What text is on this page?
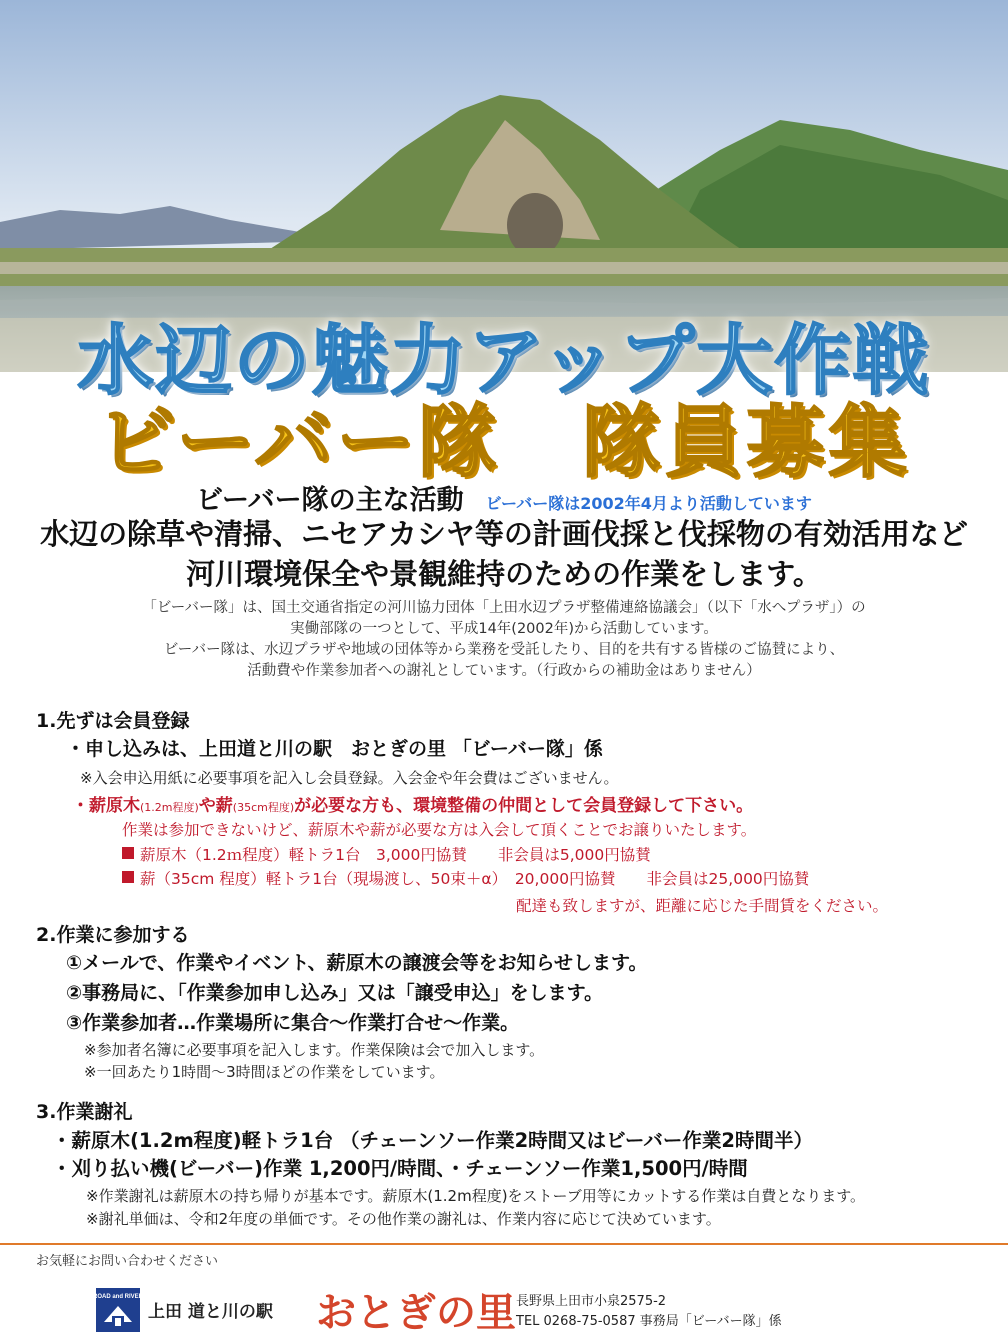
水辺の魅力アップ大作戦
ビーバー隊　隊員募集
ビーバー隊の主な活動 ビーバー隊は2002年4月より活動しています
水辺の除草や清掃、ニセアカシヤ等の計画伐採と伐採物の有効活用など
河川環境保全や景観維持のための作業をします。
「ビーバー隊」は、国土交通省指定の河川協力団体「上田水辺プラザ整備連絡協議会」（以下「水へプラザ」）の
実働部隊の一つとして、平成14年(2002年)から活動しています。
ビーバー隊は、水辺プラザや地域の団体等から業務を受託したり、目的を共有する皆様のご協賛により、
活動費や作業参加者への謝礼としています。（行政からの補助金はありません）
1.先ずは会員登録
・申し込みは、上田道と川の駅　おとぎの里 「ビーバー隊」係
※入会申込用紙に必要事項を記入し会員登録。入会金や年会費はございません。
・薪原木(1.2m程度)や薪(35cm程度)が必要な方も、環境整備の仲間として会員登録して下さい。
作業は参加できないけど、薪原木や薪が必要な方は入会して頂くことでお譲りいたします。
薪原木（1.2ｍ程度）軽トラ1台　3,000円協賛　　非会員は5,000円協賛
薪（35cm 程度）軽トラ1台（現場渡し、50束＋α）　20,000円協賛　　非会員は25,000円協賛
配達も致しますが、距離に応じた手間賃をください。
2.作業に参加する
①メールで、作業やイベント、薪原木の譲渡会等をお知らせします。
②事務局に、「作業参加申し込み」又は「譲受申込」をします。
③作業参加者…作業場所に集合～作業打合せ～作業。
※参加者名簿に必要事項を記入します。作業保険は会で加入します。
※一回あたり1時間～3時間ほどの作業をしています。
3.作業謝礼
・薪原木(1.2m程度)軽トラ1台 （チェーンソー作業2時間又はビーバー作業2時間半）
・刈り払い機(ビーバー)作業 1,200円/時間、・チェーンソー作業1,500円/時間
※作業謝礼は薪原木の持ち帰りが基本です。薪原木(1.2m程度)をストーブ用等にカットする作業は自費となります。
※謝礼単価は、令和2年度の単価です。その他作業の謝礼は、作業内容に応じて決めています。
お気軽にお問い合わせください
ROAD and RIVER
上田 道と川の駅 おとぎの里 長野県上田市小泉2575-2
TEL 0268-75-0587 事務局「ビーバー隊」係
